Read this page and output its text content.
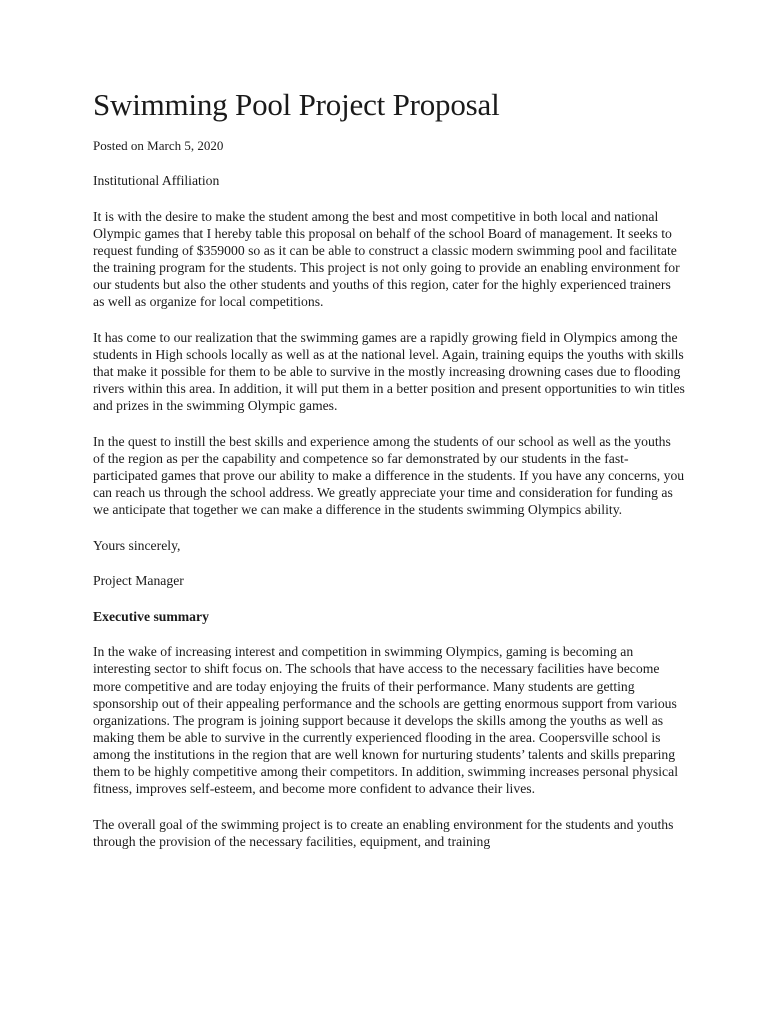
Swimming Pool Project Proposal
Posted on March 5, 2020

Institutional Affiliation

It is with the desire to make the student among the best and most competitive in both local and national Olympic games that I hereby table this proposal on behalf of the school Board of management. It seeks to request funding of $359000 so as it can be able to construct a classic modern swimming pool and facilitate the training program for the students. This project is not only going to provide an enabling environment for our students but also the other students and youths of this region, cater for the highly experienced trainers as well as organize for local competitions.

It has come to our realization that the swimming games are a rapidly growing field in Olympics among the students in High schools locally as well as at the national level. Again, training equips the youths with skills that make it possible for them to be able to survive in the mostly increasing drowning cases due to flooding rivers within this area. In addition, it will put them in a better position and present opportunities to win titles and prizes in the swimming Olympic games.

In the quest to instill the best skills and experience among the students of our school as well as the youths of the region as per the capability and competence so far demonstrated by our students in the fast-participated games that prove our ability to make a difference in the students. If you have any concerns, you can reach us through the school address. We greatly appreciate your time and consideration for funding as we anticipate that together we can make a difference in the students swimming Olympics ability.

Yours sincerely,

Project Manager

Executive summary

In the wake of increasing interest and competition in swimming Olympics, gaming is becoming an interesting sector to shift focus on. The schools that have access to the necessary facilities have become more competitive and are today enjoying the fruits of their performance. Many students are getting sponsorship out of their appealing performance and the schools are getting enormous support from various organizations. The program is joining support because it develops the skills among the youths as well as making them be able to survive in the currently experienced flooding in the area. Coopersville school is among the institutions in the region that are well known for nurturing students’ talents and skills preparing them to be highly competitive among their competitors. In addition, swimming increases personal physical fitness, improves self-esteem, and become more confident to advance their lives.

The overall goal of the swimming project is to create an enabling environment for the students and youths through the provision of the necessary facilities, equipment, and training
